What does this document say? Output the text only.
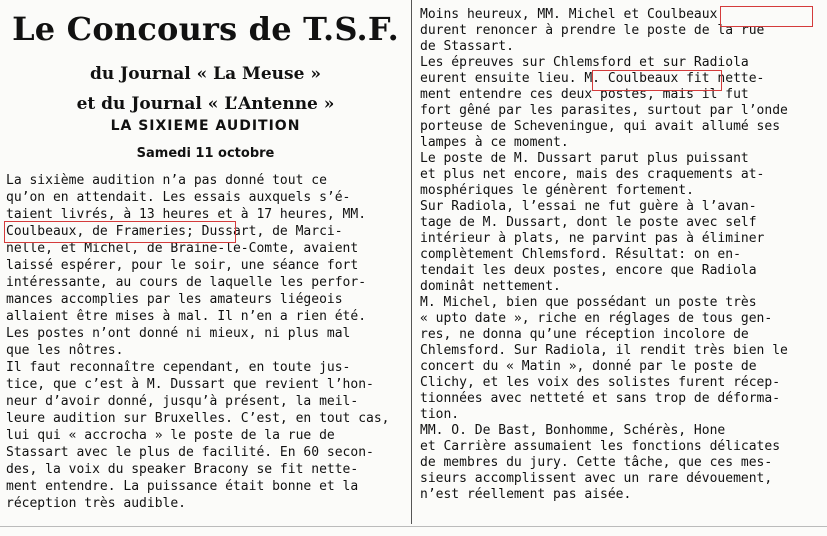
Le Concours de T.S.F.
du Journal « La Meuse »
et du Journal « L’Antenne »
LA SIXIEME AUDITION
Samedi 11 octobre
La sixième audition n’a pas donné tout ce
qu’on en attendait. Les essais auxquels s’é-
taient livrés, à 13 heures et à 17 heures, MM.
Coulbeaux, de Frameries; Dussart, de Marci-
nelle, et Michel, de Braine-le-Comte, avaient
laissé espérer, pour le soir, une séance fort
intéressante, au cours de laquelle les perfor-
mances accomplies par les amateurs liégeois
allaient être mises à mal. Il n’en a rien été.
Les postes n’ont donné ni mieux, ni plus mal
que les nôtres.
Il faut reconnaître cependant, en toute jus-
tice, que c’est à M. Dussart que revient l’hon-
neur d’avoir donné, jusqu’à présent, la meil-
leure audition sur Bruxelles. C’est, en tout cas,
lui qui « accrocha » le poste de la rue de
Stassart avec le plus de facilité. En 60 secon-
des, la voix du speaker Bracony se fit nette-
ment entendre. La puissance était bonne et la
réception très audible.
Moins heureux, MM. Michel et Coulbeaux
durent renoncer à prendre le poste de la rue
de Stassart.
Les épreuves sur Chlemsford et sur Radiola
eurent ensuite lieu. M. Coulbeaux fit nette-
ment entendre ces deux postes, mais il fut
fort gêné par les parasites, surtout par l’onde
porteuse de Scheveningue, qui avait allumé ses
lampes à ce moment.
Le poste de M. Dussart parut plus puissant
et plus net encore, mais des craquements at-
mosphériques le génèrent fortement.
Sur Radiola, l’essai ne fut guère à l’avan-
tage de M. Dussart, dont le poste avec self
intérieur à plats, ne parvint pas à éliminer
complètement Chlemsford. Résultat: on en-
tendait les deux postes, encore que Radiola
dominât nettement.
M. Michel, bien que possédant un poste très
« upto date », riche en réglages de tous gen-
res, ne donna qu’une réception incolore de
Chlemsford. Sur Radiola, il rendit très bien le
concert du « Matin », donné par le poste de
Clichy, et les voix des solistes furent récep-
tionnées avec netteté et sans trop de déforma-
tion.
MM. O. De Bast, Bonhomme, Schérès, Hone
et Carrière assumaient les fonctions délicates
de membres du jury. Cette tâche, que ces mes-
sieurs accomplissent avec un rare dévouement,
n’est réellement pas aisée.
